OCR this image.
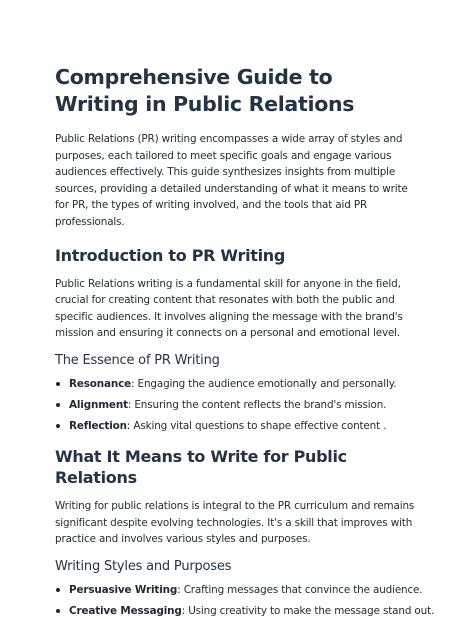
Comprehensive Guide to Writing in Public Relations

Public Relations (PR) writing encompasses a wide array of styles and purposes, each tailored to meet specific goals and engage various audiences effectively. This guide synthesizes insights from multiple sources, providing a detailed understanding of what it means to write for PR, the types of writing involved, and the tools that aid PR professionals.

Introduction to PR Writing

Public Relations writing is a fundamental skill for anyone in the field, crucial for creating content that resonates with both the public and specific audiences. It involves aligning the message with the brand's mission and ensuring it connects on a personal and emotional level.

The Essence of PR Writing
Resonance: Engaging the audience emotionally and personally.
Alignment: Ensuring the content reflects the brand's mission.
Reflection: Asking vital questions to shape effective content .
What It Means to Write for Public Relations

Writing for public relations is integral to the PR curriculum and remains significant despite evolving technologies. It's a skill that improves with practice and involves various styles and purposes.

Writing Styles and Purposes
Persuasive Writing: Crafting messages that convince the audience.
Creative Messaging: Using creativity to make the message stand out.
